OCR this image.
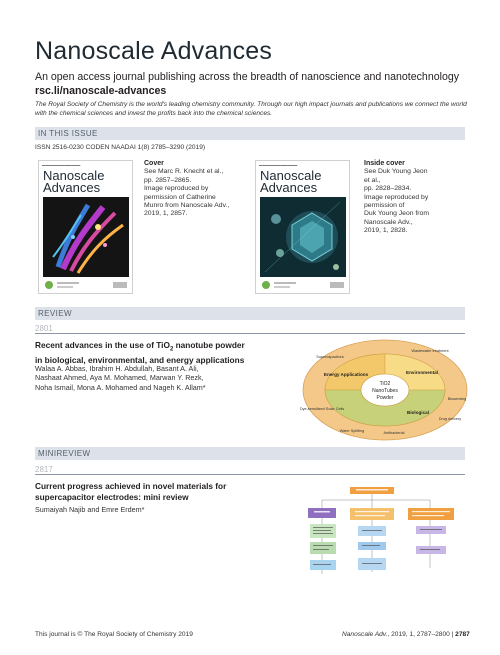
Nanoscale Advances
An open access journal publishing across the breadth of nanoscience and nanotechnology
rsc.li/nanoscale-advances
The Royal Society of Chemistry is the world's leading chemistry community. Through our high impact journals and publications we connect the world with the chemical sciences and invest the profits back into the chemical sciences.
IN THIS ISSUE
ISSN 2516-0230 CODEN NAADAI 1(8) 2785–3290 (2019)
▬▬▬▬▬▬▬▬▬▬▬▬
Nanoscale
Advances
Cover
See Marc R. Knecht et al.,
pp. 2857–2865.
Image reproduced by
permission of Catherine
Munro from Nanoscale Adv.,
2019, 1, 2857.
▬▬▬▬▬▬▬▬▬▬▬▬
Nanoscale
Advances
Inside cover
See Duk Young Jeon
et al.,
pp. 2828–2834.
Image reproduced by
permission of
Duk Young Jeon from
Nanoscale Adv.,
2019, 1, 2828.
REVIEW
2801
Recent advances in the use of TiO$_2$ nanotube powder
in biological, environmental, and energy applications
Walaa A. Abbas, Ibrahim H. Abdullah, Basant A. Ali,
Nashaat Ahmed, Aya M. Mohamed, Marwan Y. Rezk,
Noha Ismail, Mona A. Mohamed and Nageh K. Allam*	TiO2
NanoTubes
Powder
Energy Applications	Environmental
Biological
Supercapacitors
Dye-sensitized Solar Cells
Water Splitting	Antibacterial
Drug delivery
Biosensing
Wastewater treatment
MINIREVIEW
2817
Current progress achieved in novel materials for
supercapacitor electrodes: mini review
Sumaiyah Najib and Emre Erdem*
This journal is © The Royal Society of Chemistry 2019	Nanoscale Adv., 2019, 1, 2787–2800 | 2787
